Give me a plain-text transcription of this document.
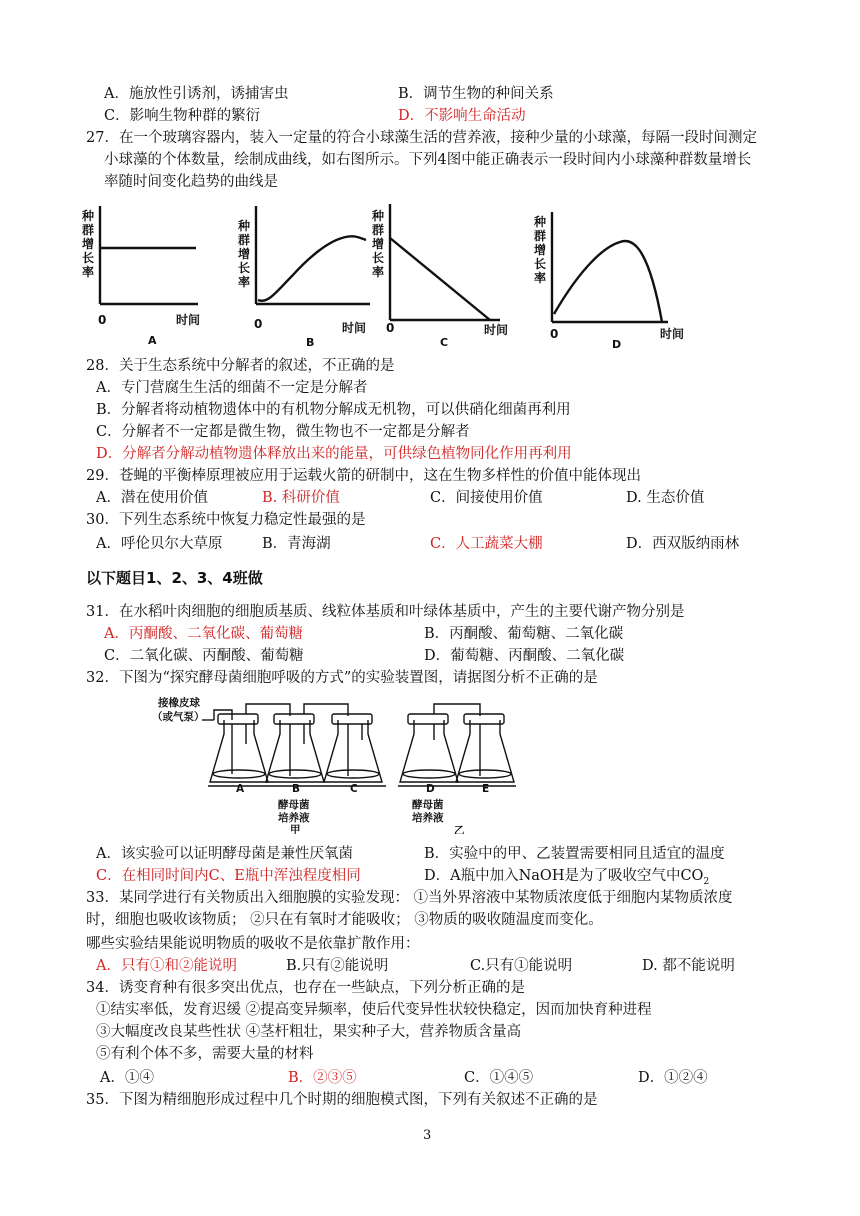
A．施放性引诱剂，诱捕害虫	B．调节生物的种间关系
C．影响生物种群的繁衍	D．不影响生命活动
27．在一个玻璃容器内，装入一定量的符合小球藻生活的营养液，接种少量的小球藻，每隔一段时间测定
小球藻的个体数量，绘制成曲线，如右图所示。下列4图中能正确表示一段时间内小球藻种群数量增长
率随时间变化趋势的曲线是
种
群
增
长
率
种
群
增
长
率
种
群
增
长
率
种
群
增
长
率
0	时间	0	时间 0	时间	0	时间
A	B	C	D
28．关于生态系统中分解者的叙述，不正确的是
A．专门营腐生生活的细菌不一定是分解者
B．分解者将动植物遗体中的有机物分解成无机物，可以供硝化细菌再利用
C．分解者不一定都是微生物，微生物也不一定都是分解者
D．分解者分解动植物遗体释放出来的能量，可供绿色植物同化作用再利用
29．苍蝇的平衡棒原理被应用于运载火箭的研制中，这在生物多样性的价值中能体现出
A．潜在使用价值	B. 科研价值	C．间接使用价值	D. 生态价值
30．下列生态系统中恢复力稳定性最强的是
A．呼伦贝尔大草原	B．青海湖	C．人工蔬菜大棚	D．西双版纳雨林
以下题目1、2、3、4班做
31．在水稻叶肉细胞的细胞质基质、线粒体基质和叶绿体基质中，产生的主要代谢产物分别是
A．丙酮酸、二氧化碳、葡萄糖	B．丙酮酸、葡萄糖、二氧化碳
C．二氧化碳、丙酮酸、葡萄糖	D．葡萄糖、丙酮酸、二氧化碳
32．下图为“探究酵母菌细胞呼吸的方式”的实验装置图，请据图分析不正确的是
接橡皮球
（或气泵）
A	B	C	D	E
酵母菌
培养液
甲
酵母菌
培养液
乙
A．该实验可以证明酵母菌是兼性厌氧菌	B．实验中的甲、乙装置需要相同且适宜的温度
C．在相同时间内C、E瓶中浑浊程度相同	D．A瓶中加入NaOH是为了吸收空气中$CO_2$
33．某同学进行有关物质出入细胞膜的实验发现： ①当外界溶液中某物质浓度低于细胞内某物质浓度
时，细胞也吸收该物质； ②只在有氧时才能吸收； ③物质的吸收随温度而变化。
哪些实验结果能说明物质的吸收不是依靠扩散作用：
A．只有①和②能说明	B.只有②能说明	C.只有①能说明	D. 都不能说明
34．诱变育种有很多突出优点，也存在一些缺点，下列分析正确的是
①结实率低，发育迟缓 ②提高变异频率，使后代变异性状较快稳定，因而加快育种进程
③大幅度改良某些性状 ④茎杆粗壮，果实种子大，营养物质含量高
⑤有利个体不多，需要大量的材料
A．①④	B．②③⑤	C．①④⑤	D．①②④
35．下图为精细胞形成过程中几个时期的细胞模式图，下列有关叙述不正确的是
3
